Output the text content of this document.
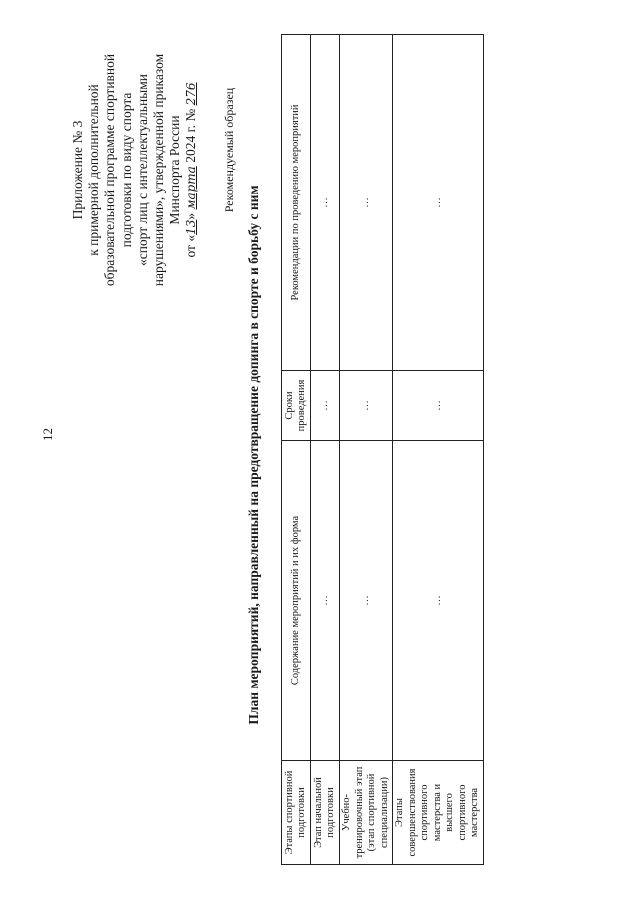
12
Приложение № 3 к примерной дополнительной образовательной программе спортивной подготовки по виду спорта «спорт лиц с интеллектуальными нарушениями», утвержденной приказом Минспорта России
от «13» марта 2024 г. № 276 Рекомендуемый образец
План мероприятий, направленный на предотвращение допинга в спорте и борьбу с ним
Этапы спортивной подготовки	Содержание мероприятий и их форма	Сроки проведения	Рекомендации по проведению мероприятий
Этап начальной подготовки	…	…	…
Учебно-тренировочный этап (этап спортивной специализации)	…	…	…
Этапы совершенствования спортивного мастерства и высшего спортивного мастерства	…	…	…
